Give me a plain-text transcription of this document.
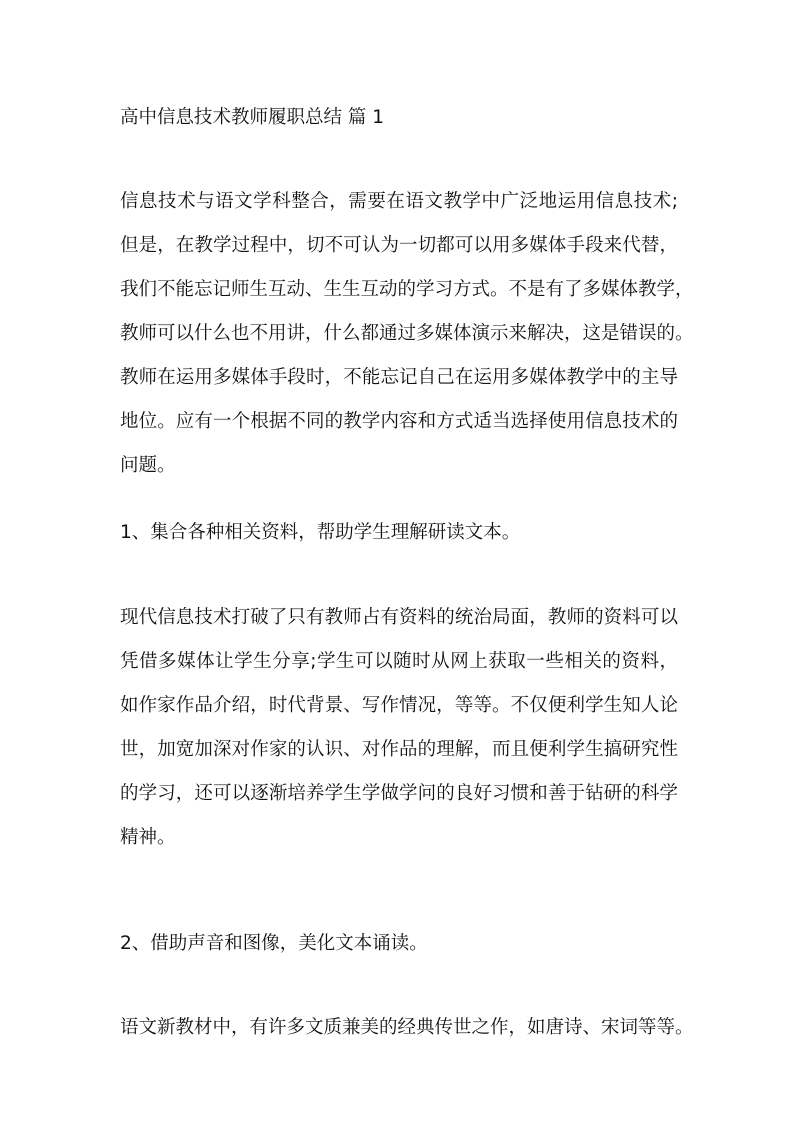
高中信息技术教师履职总结 篇 1
信息技术与语文学科整合，需要在语文教学中广泛地运用信息技术;
但是，在教学过程中，切不可认为一切都可以用多媒体手段来代替，
我们不能忘记师生互动、生生互动的学习方式。不是有了多媒体教学，
教师可以什么也不用讲，什么都通过多媒体演示来解决，这是错误的。
教师在运用多媒体手段时，不能忘记自己在运用多媒体教学中的主导
地位。应有一个根据不同的教学内容和方式适当选择使用信息技术的
问题。
1、集合各种相关资料，帮助学生理解研读文本。
现代信息技术打破了只有教师占有资料的统治局面，教师的资料可以
凭借多媒体让学生分享;学生可以随时从网上获取一些相关的资料，
如作家作品介绍，时代背景、写作情况，等等。不仅便利学生知人论
世，加宽加深对作家的认识、对作品的理解，而且便利学生搞研究性
的学习，还可以逐渐培养学生学做学问的良好习惯和善于钻研的科学
精神。
2、借助声音和图像，美化文本诵读。
语文新教材中，有许多文质兼美的经典传世之作，如唐诗、宋词等等。
